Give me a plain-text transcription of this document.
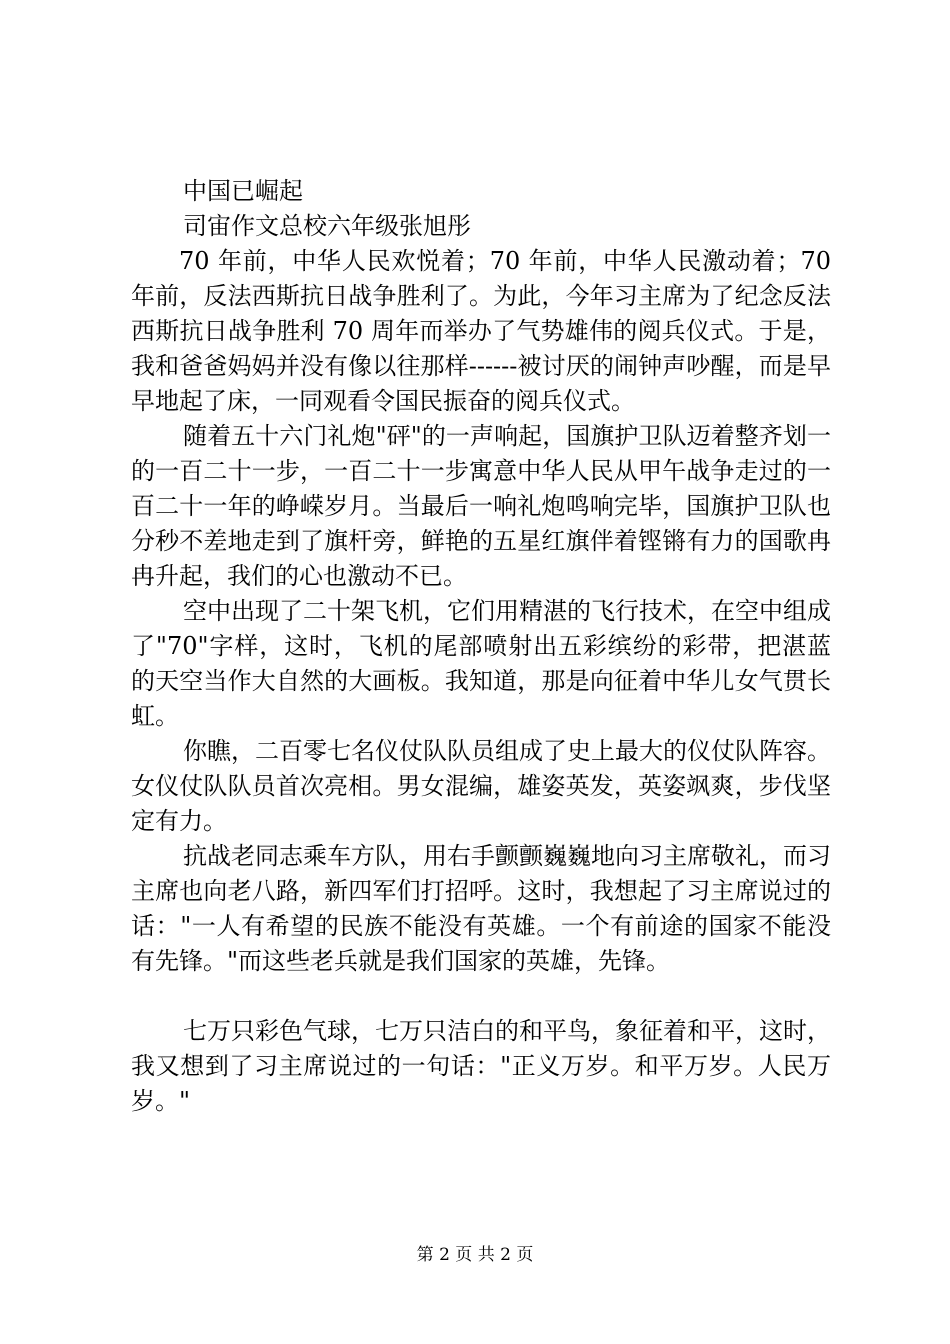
中国已崛起

司宙作文总校六年级张旭彤

70 年前，中华人民欢悦着；70 年前，中华人民激动着；70 年前，反法西斯抗日战争胜利了。为此，今年习主席为了纪念反法西斯抗日战争胜利 70 周年而举办了气势雄伟的阅兵仪式。于是，我和爸爸妈妈并没有像以往那样------被讨厌的闹钟声吵醒，而是早早地起了床，一同观看令国民振奋的阅兵仪式。

随着五十六门礼炮"砰"的一声响起，国旗护卫队迈着整齐划一的一百二十一步，一百二十一步寓意中华人民从甲午战争走过的一百二十一年的峥嵘岁月。当最后一响礼炮鸣响完毕，国旗护卫队也分秒不差地走到了旗杆旁，鲜艳的五星红旗伴着铿锵有力的国歌冉冉升起，我们的心也激动不已。

空中出现了二十架飞机，它们用精湛的飞行技术，在空中组成了"70"字样，这时，飞机的尾部喷射出五彩缤纷的彩带，把湛蓝的天空当作大自然的大画板。我知道，那是向征着中华儿女气贯长虹。

你瞧，二百零七名仪仗队队员组成了史上最大的仪仗队阵容。女仪仗队队员首次亮相。男女混编，雄姿英发，英姿飒爽，步伐坚定有力。

抗战老同志乘车方队，用右手颤颤巍巍地向习主席敬礼，而习主席也向老八路，新四军们打招呼。这时，我想起了习主席说过的话："一人有希望的民族不能没有英雄。一个有前途的国家不能没有先锋。"而这些老兵就是我们国家的英雄，先锋。

七万只彩色气球，七万只洁白的和平鸟，象征着和平，这时，我又想到了习主席说过的一句话："正义万岁。和平万岁。人民万岁。"

第 2 页 共 2 页
